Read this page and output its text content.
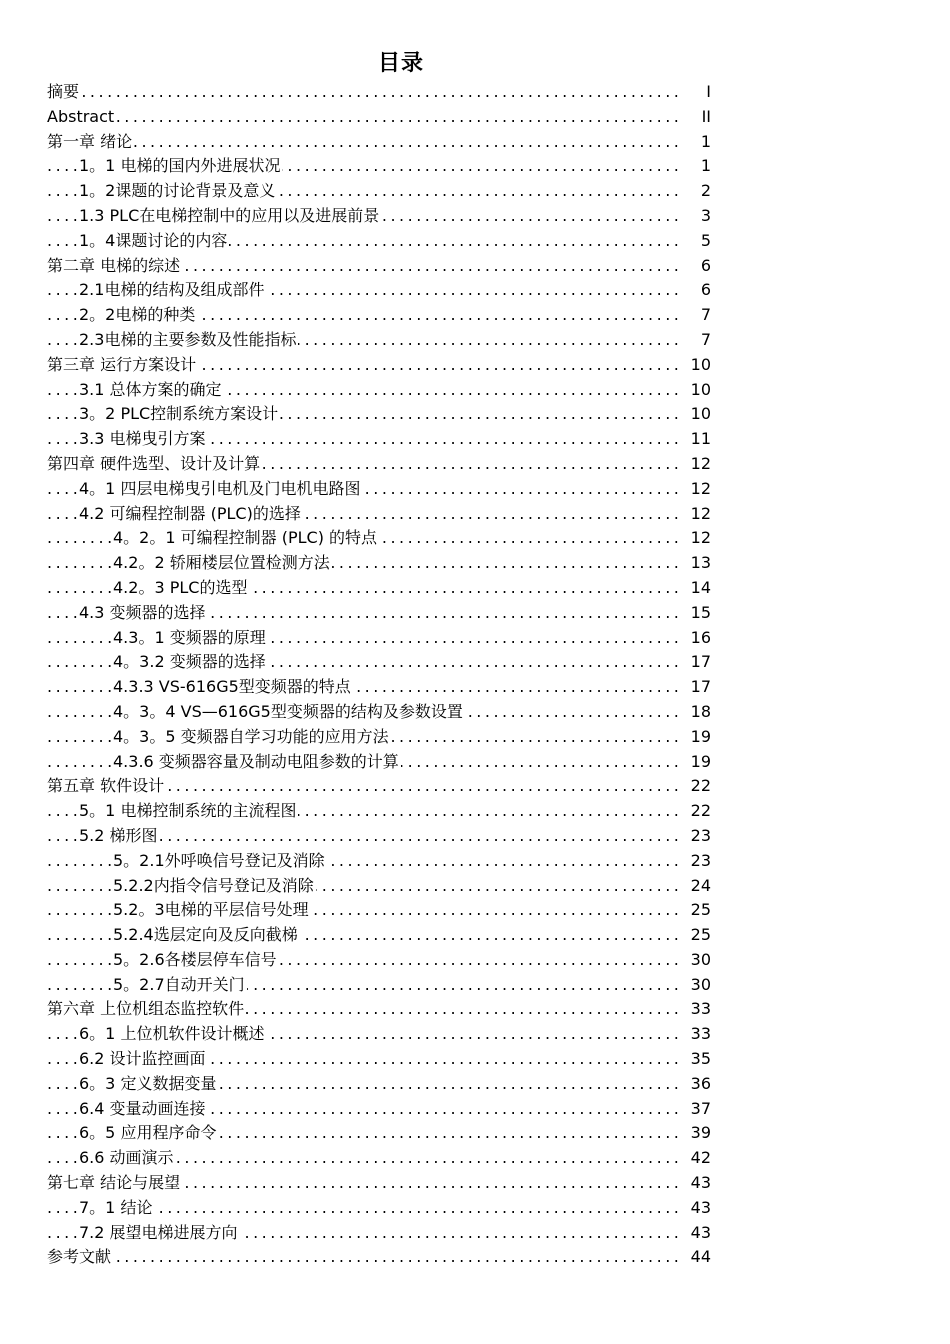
目录
.....
摘要	I
.....
Abstract	II
.....
第一章 绪论	1
.....
1。1 电梯的国内外进展状况	1
.....
1。2课题的讨论背景及意义	2
.....
1.3 PLC在电梯控制中的应用以及进展前景	3
.....
1。4课题讨论的内容	5
.....
第二章 电梯的综述	6
.....
2.1电梯的结构及组成部件	6
.....
2。2电梯的种类	7
.....
2.3电梯的主要参数及性能指标	7
.....
第三章 运行方案设计	10
.....
3.1 总体方案的确定	10
.....
3。2 PLC控制系统方案设计	10
.....
3.3 电梯曳引方案	11
.....
第四章 硬件选型、设计及计算	12
.....
4。1 四层电梯曳引电机及门电机电路图	12
.....
4.2 可编程控制器 (PLC)的选择	12
.....
4。2。1 可编程控制器 (PLC) 的特点	12
.....
4.2。2 轿厢楼层位置检测方法	13
.....
4.2。3 PLC的选型	14
.....
4.3 变频器的选择	15
.....
4.3。1 变频器的原理	16
.....
4。3.2 变频器的选择	17
.....
4.3.3 VS-616G5型变频器的特点	17
.....
4。3。4 VS—616G5型变频器的结构及参数设置	18
.....
4。3。5 变频器自学习功能的应用方法	19
.....
4.3.6 变频器容量及制动电阻参数的计算	19
.....
第五章 软件设计	22
.....
5。1 电梯控制系统的主流程图	22
.....
5.2 梯形图	23
.....
5。2.1外呼唤信号登记及消除	23
.....
5.2.2内指令信号登记及消除	24
.....
5.2。3电梯的平层信号处理	25
.....
5.2.4选层定向及反向截梯	25
.....
5。2.6各楼层停车信号	30
.....
5。2.7自动开关门	30
.....
第六章 上位机组态监控软件	33
.....
6。1 上位机软件设计概述	33
.....
6.2 设计监控画面	35
.....
6。3 定义数据变量	36
.....
6.4 变量动画连接	37
.....
6。5 应用程序命令	39
.....
6.6 动画演示	42
.....
第七章 结论与展望	43
.....
7。1 结论	43
.....
7.2 展望电梯进展方向	43
.....
参考文献	44
